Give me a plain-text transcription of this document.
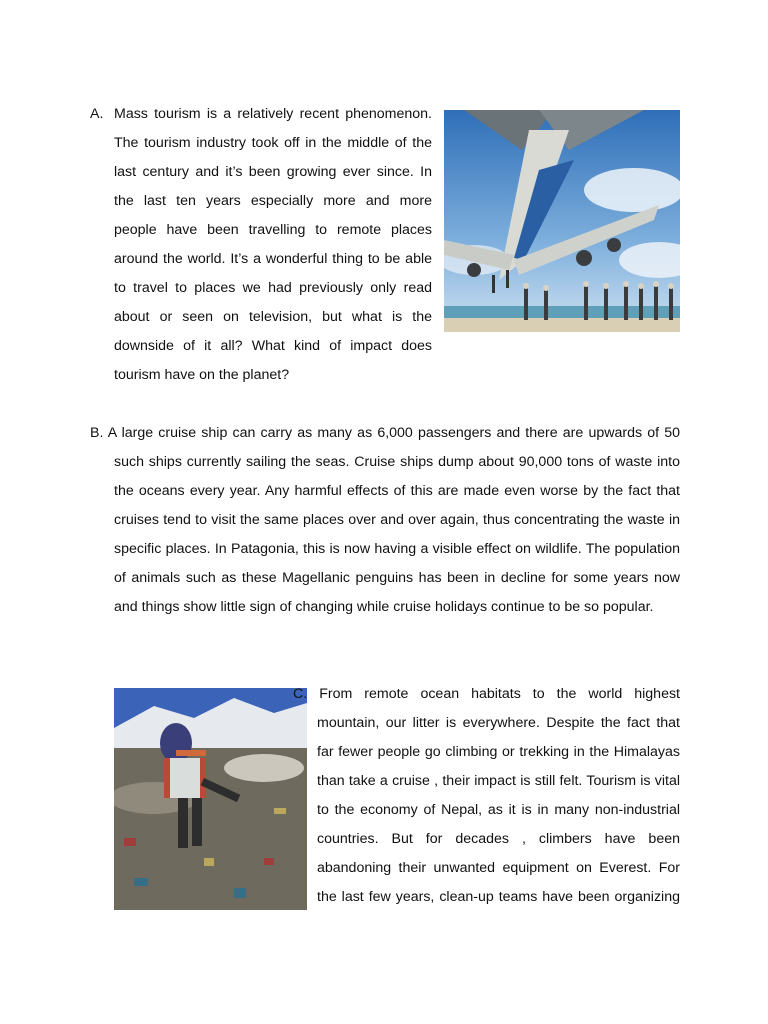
A. Mass tourism is a relatively recent phenomenon. The tourism industry took off in the middle of the last century and it’s been growing ever since. In the last ten years especially more and more people have been travelling to remote places around the world. It’s a wonderful thing to be able to travel to places we had previously only read about or seen on television, but what is the downside of it all? What kind of impact does tourism have on the planet?

B. A large cruise ship can carry as many as 6,000 passengers and there are upwards of 50 such ships currently sailing the seas. Cruise ships dump about 90,000 tons of waste into the oceans every year. Any harmful effects of this are made even worse by the fact that cruises tend to visit the same places over and over again, thus concentrating the waste in specific places. In Patagonia, this is now having a visible effect on wildlife. The population of animals such as these Magellanic penguins has been in decline for some years now and things show little sign of changing while cruise holidays continue to be so popular.

C. From remote ocean habitats to the world highest mountain, our litter is everywhere. Despite the fact that far fewer people go climbing or trekking in the Himalayas than take a cruise , their impact is still felt. Tourism is vital to the economy of Nepal, as it is in many non-industrial countries. But for decades , climbers have been abandoning their unwanted equipment on Everest. For the last few years, clean-up teams have been organizing
